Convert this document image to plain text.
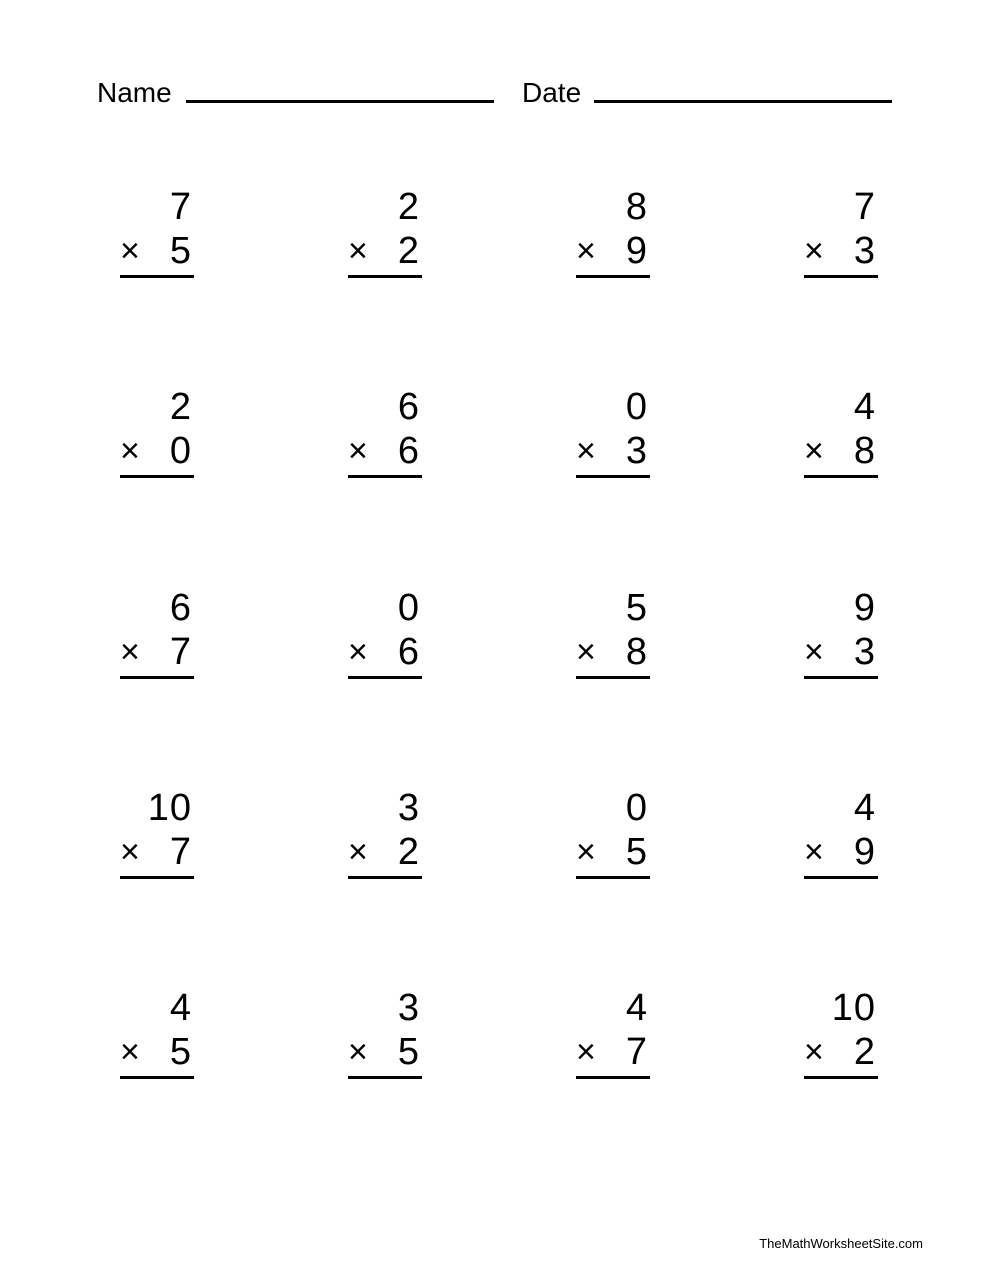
Name	Date
7
× 5
2
× 2
8
× 9
7
× 3
2
× 0
6
× 6
0
× 3
4
× 8
6
× 7
0
× 6
5
× 8
9
× 3
10
× 7
3
× 2
0
× 5
4
× 9
4
× 5
3
× 5
4
× 7
10
× 2
TheMathWorksheetSite.com
